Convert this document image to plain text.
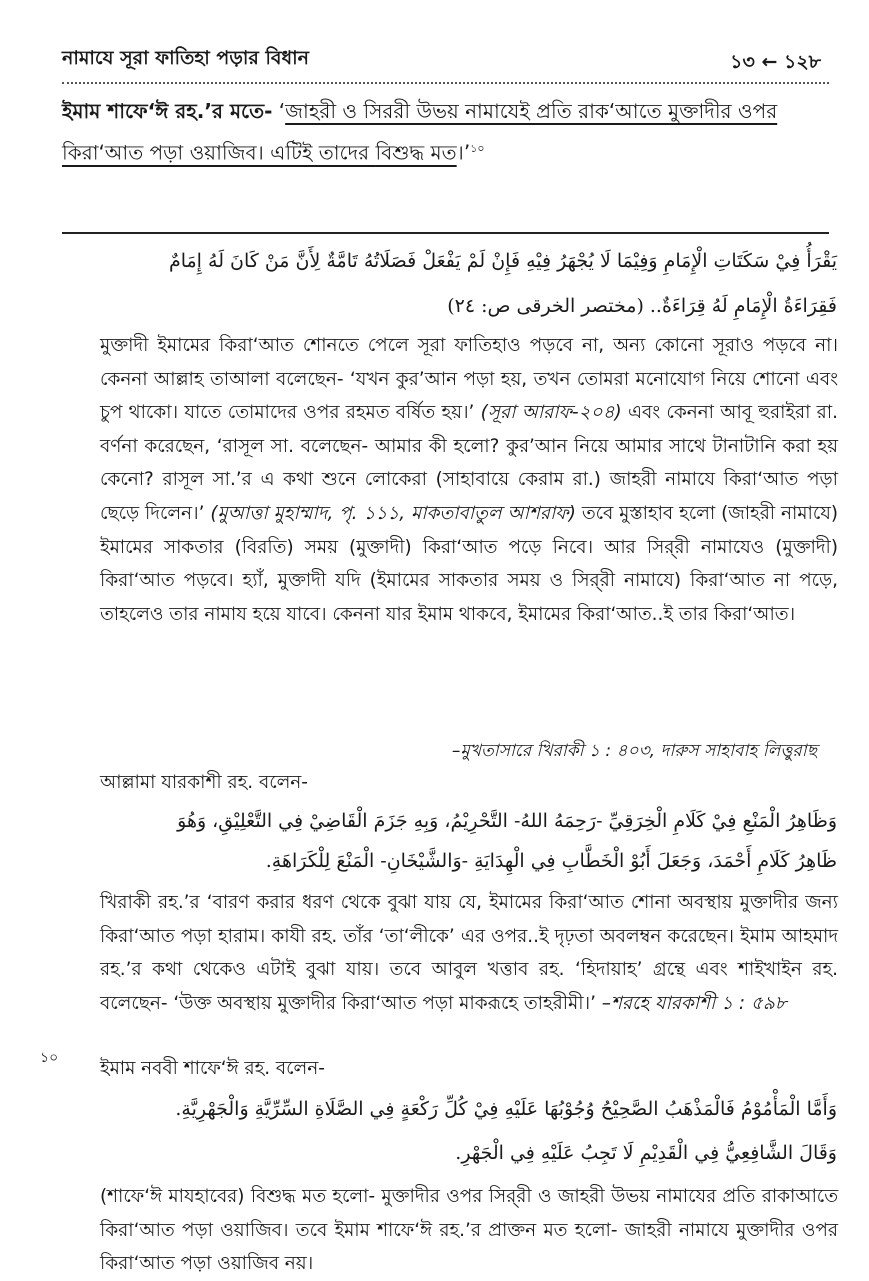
নামাযে সূরা ফাতিহা পড়ার বিধান	১৩ ← ১২৮
ইমাম শাফে‘ঈ রহ.’র মতে- ‘জাহরী ও সিররী উভয় নামাযেই প্রতি রাক‘আতে মুক্তাদীর ওপর কিরা‘আত পড়া ওয়াজিব। এটিই তাদের বিশুদ্ধ মত।’$^{১০}$
يَقْرَأُ فِيْ سَكَتَاتِ الْإِمَامِ وَفِيْمَا لَا يُجْهَرُ فِيْهِ فَإِنْ لَمْ يَفْعَلْ فَصَلَاتُهُ تَامَّةٌ لِأَنَّ مَنْ كَانَ لَهُ إِمَامٌ
فَقِرَاءَةُ الْإِمَامِ لَهُ قِرَاءَةٌ.. (مختصر الخرقى ص: ٢٤)
মুক্তাদী ইমামের কিরা‘আত শোনতে পেলে সূরা ফাতিহাও পড়বে না, অন্য কোনো সূরাও পড়বে না। কেননা আল্লাহ তাআলা বলেছেন- ‘যখন কুর’আন পড়া হয়, তখন তোমরা মনোযোগ নিয়ে শোনো এবং চুপ থাকো। যাতে তোমাদের ওপর রহমত বর্ষিত হয়।’ (সূরা আরাফ-২০৪) এবং কেননা আবূ হুরাইরা রা. বর্ণনা করেছেন, ‘রাসূল সা. বলেছেন- আমার কী হলো? কুর’আন নিয়ে আমার সাথে টানাটানি করা হয় কেনো? রাসূল সা.’র এ কথা শুনে লোকেরা (সাহাবায়ে কেরাম রা.) জাহরী নামাযে কিরা‘আত পড়া ছেড়ে দিলেন।’ (মুআত্তা মুহাম্মাদ, পৃ. ১১১, মাকতাবাতুল আশরাফ) তবে মুস্তাহাব হলো (জাহরী নামাযে) ইমামের সাকতার (বিরতি) সময় (মুক্তাদী) কিরা‘আত পড়ে নিবে। আর সির্‌রী নামাযেও (মুক্তাদী) কিরা‘আত পড়বে। হ্যাঁ, মুক্তাদী যদি (ইমামের সাকতার সময় ও সির্‌রী নামাযে) কিরা‘আত না পড়ে, তাহলেও তার নামায হয়ে যাবে। কেননা যার ইমাম থাকবে, ইমামের কিরা‘আত..ই তার কিরা‘আত।
–মুখতাসারে খিরাকী ১ : ৪০৩, দারুস সাহাবাহ লিত্তুরাছ
আল্লামা যারকাশী রহ. বলেন-
وَظَاهِرُ الْمَنْعِ فِيْ كَلَامِ الْخِرَقِيِّ -رَحِمَهُ اللهُ- التَّحْرِيْمُ، وَبِهِ جَزَمَ الْقَاضِيْ فِي التَّعْلِيْقِ، وَهُوَ
ظَاهِرُ كَلَامِ أَحْمَدَ، وَجَعَلَ أَبُوْ الْخَطَّابِ فِي الْهِدَايَةِ -وَالشَّيْخَانِ- الْمَنْعَ لِلْكَرَاهَةِ.
খিরাকী রহ.’র ‘বারণ করার ধরণ থেকে বুঝা যায় যে, ইমামের কিরা‘আত শোনা অবস্থায় মুক্তাদীর জন্য কিরা‘আত পড়া হারাম। কাযী রহ. তাঁর ‘তা‘লীকে’ এর ওপর..ই দৃঢ়তা অবলম্বন করেছেন। ইমাম আহমাদ রহ.’র কথা থেকেও এটাই বুঝা যায়। তবে আবুল খত্তাব রহ. ‘হিদায়াহ’ গ্রন্থে এবং শাইখাইন রহ. বলেছেন- ‘উক্ত অবস্থায় মুক্তাদীর কিরা‘আত পড়া মাকরূহে তাহরীমী।’ –শরহে যারকাশী ১ : ৫৯৮
১০ ইমাম নববী শাফে‘ঈ রহ. বলেন-
وَأَمَّا الْمَأْمُوْمُ فَالْمَذْهَبُ الصَّحِيْحُ وُجُوْبُهَا عَلَيْهِ فِيْ كُلِّ رَكْعَةٍ فِي الصَّلَاةِ السِّرِّيَّةِ وَالْجَهْرِيَّةِ.
وَقَالَ الشَّافِعِيُّ فِي الْقَدِيْمِ لَا تَجِبُ عَلَيْهِ فِي الْجَهْرِ.
(শাফে‘ঈ মাযহাবের) বিশুদ্ধ মত হলো- মুক্তাদীর ওপর সির্‌রী ও জাহরী উভয় নামাযের প্রতি রাকাআতে কিরা‘আত পড়া ওয়াজিব। তবে ইমাম শাফে‘ঈ রহ.’র প্রাক্তন মত হলো- জাহরী নামাযে মুক্তাদীর ওপর কিরা‘আত পড়া ওয়াজিব নয়।
